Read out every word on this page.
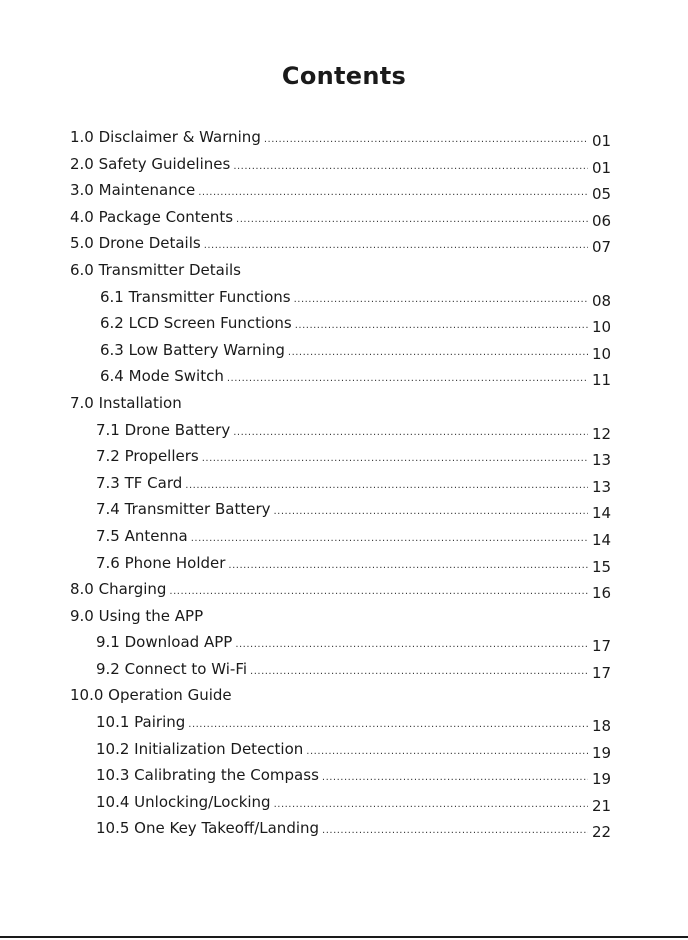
Contents
1.0 Disclaimer & Warning .....	01
2.0 Safety Guidelines .....	01
3.0 Maintenance .....	05
4.0 Package Contents .....	06
5.0 Drone Details .....	07
6.0 Transmitter Details
6.1 Transmitter Functions .....	08
6.2 LCD Screen Functions .....	10
6.3 Low Battery Warning .....	10
6.4 Mode Switch .....	11
7.0 Installation
7.1 Drone Battery .....	12
7.2 Propellers .....	13
7.3 TF Card .....	13
7.4 Transmitter Battery .....	14
7.5 Antenna .....	14
7.6 Phone Holder .....	15
8.0 Charging .....	16
9.0 Using the APP
9.1 Download APP .....	17
9.2 Connect to Wi-Fi .....	17
10.0 Operation Guide
10.1 Pairing .....	18
10.2 Initialization Detection .....	19
10.3 Calibrating the Compass .....	19
10.4 Unlocking/Locking .....	21
10.5 One Key Takeoff/Landing .....	22
